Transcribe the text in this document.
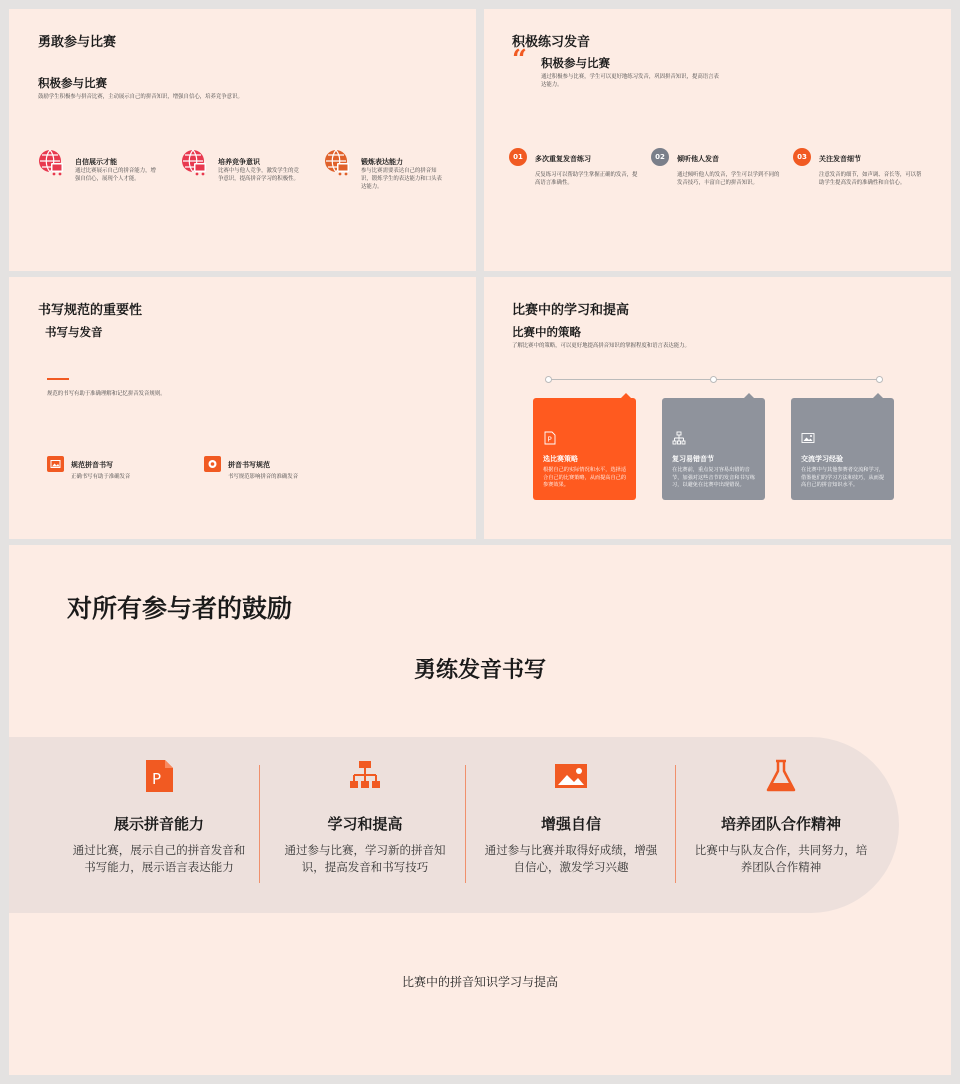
勇敢参与比赛
积极参与比赛
鼓励学生积极参与拼音比赛，主动展示自己的拼音知识，增强自信心，培养竞争意识。
自信展示才能
通过比赛展示自己的拼音能力，增强自信心，展现个人才能。
培养竞争意识
比赛中与他人竞争，激发学生的竞争意识，提高拼音学习的积极性。
锻炼表达能力
参与比赛需要表达自己的拼音知识，锻炼学生的表达能力和口头表达能力。
积极练习发音
“ 积极参与比赛
通过积极参与比赛，学生可以更好地练习发音，巩固拼音知识，提高语言表达能力。
01	多次重复发音练习
反复练习可以帮助学生掌握正确的发音，提高语言准确性。
02	倾听他人发音
通过倾听他人的发音，学生可以学到不同的发音技巧，丰富自己的拼音知识。
03	关注发音细节
注意发音的细节，如声调、音长等，可以帮助学生提高发音的准确性和自信心。
书写规范的重要性
书写与发音
规范的书写有助于准确理解和记忆拼音发音规则。
规范拼音书写
正确书写有助于准确发音
拼音书写规范
书写规范影响拼音的准确发音
比赛中的学习和提高
比赛中的策略
了解比赛中的策略，可以更好地提高拼音知识的掌握程度和语言表达能力。
P
选比赛策略
根据自己的实际情况和水平，选择适合自己的比赛策略，从而提高自己的参赛效果。
复习易错音节
在比赛前，重点复习容易出错的音节，加强对这些音节的发音和书写练习，以避免在比赛中出现错误。
交流学习经验
在比赛中与其他参赛者交流和学习，借鉴他们的学习方法和技巧，从而提高自己的拼音知识水平。
对所有参与者的鼓励
勇练发音书写
P
展示拼音能力
通过比赛，展示自己的拼音发音和书写能力，展示语言表达能力
学习和提高
通过参与比赛，学习新的拼音知识，提高发音和书写技巧
增强自信
通过参与比赛并取得好成绩，增强自信心，激发学习兴趣
培养团队合作精神
比赛中与队友合作，共同努力，培养团队合作精神
比赛中的拼音知识学习与提高
